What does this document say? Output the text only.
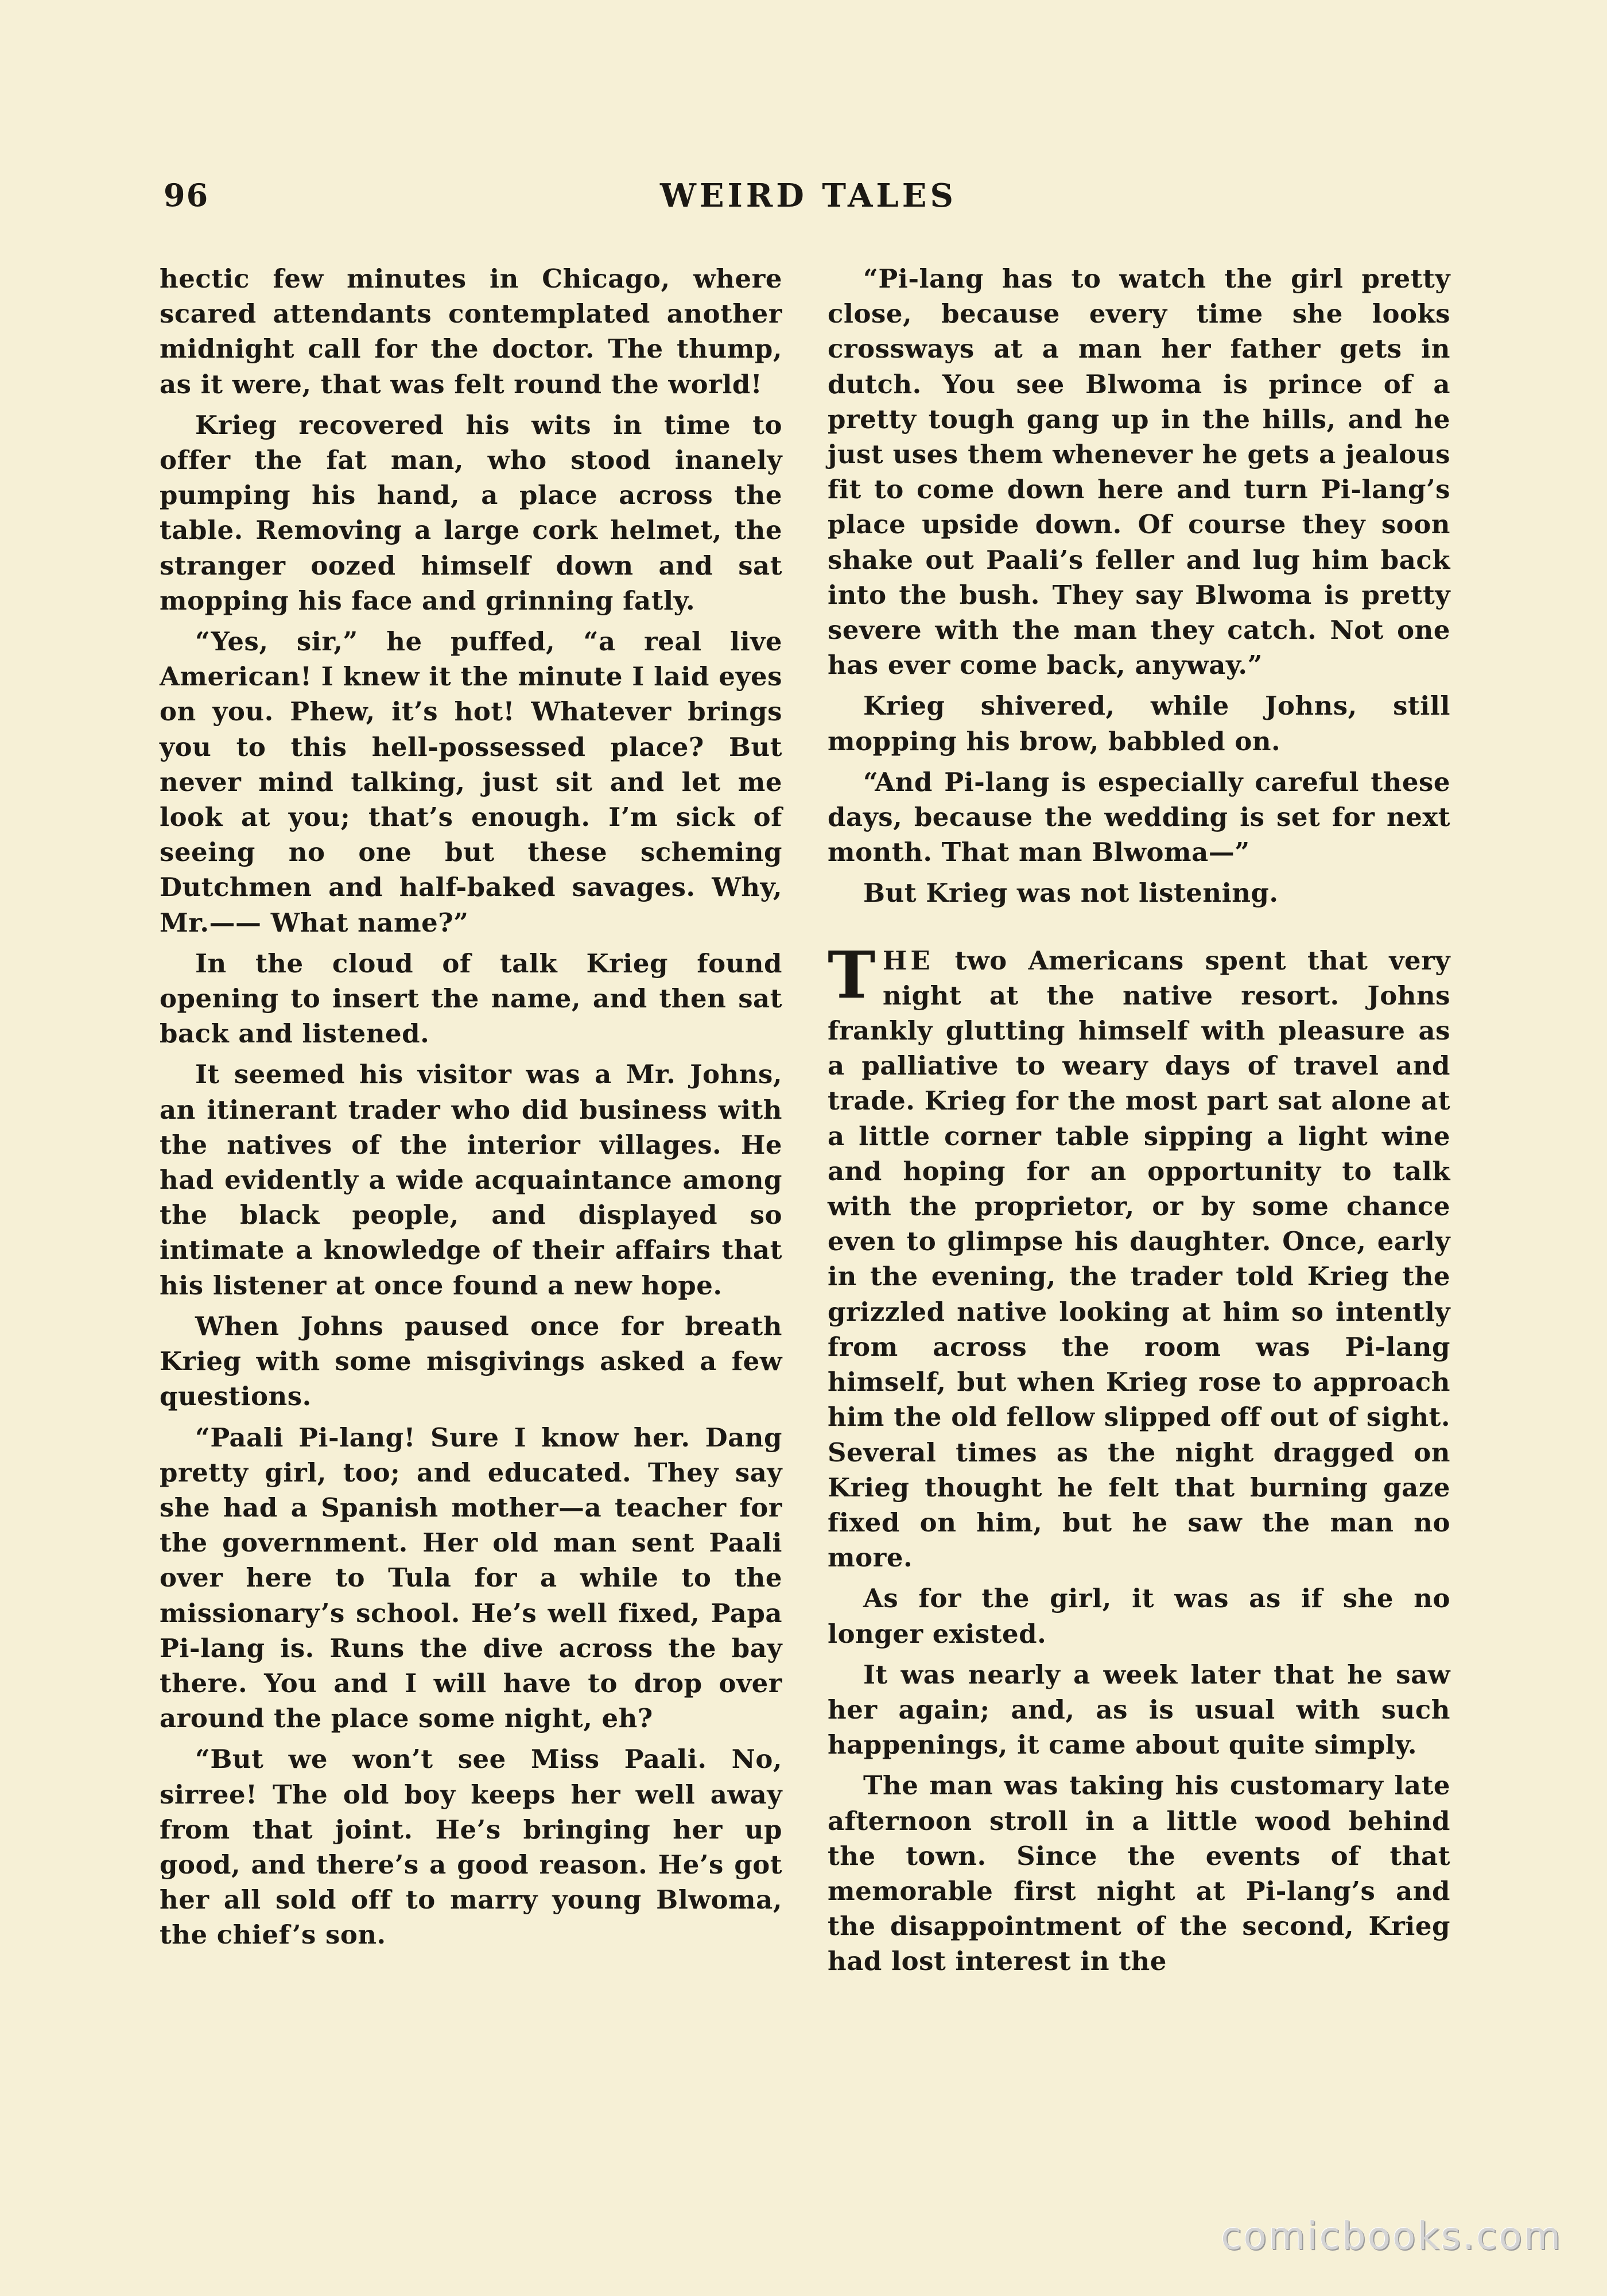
96	WEIRD TALES

hectic few minutes in Chicago, where scared attendants contemplated another midnight call for the doctor. The thump, as it were, that was felt round the world!

Krieg recovered his wits in time to offer the fat man, who stood inanely pumping his hand, a place across the table. Removing a large cork helmet, the stranger oozed himself down and sat mopping his face and grinning fatly.

“Yes, sir,” he puffed, “a real live American! I knew it the minute I laid eyes on you. Phew, it’s hot! Whatever brings you to this hell-possessed place? But never mind talking, just sit and let me look at you; that’s enough. I’m sick of seeing no one but these scheming Dutchmen and half-baked savages. Why, Mr.—— What name?”

In the cloud of talk Krieg found opening to insert the name, and then sat back and listened.

It seemed his visitor was a Mr. Johns, an itinerant trader who did business with the natives of the interior villages. He had evidently a wide acquaintance among the black people, and displayed so intimate a knowledge of their affairs that his listener at once found a new hope.

When Johns paused once for breath Krieg with some misgivings asked a few questions.

“Paali Pi-lang! Sure I know her. Dang pretty girl, too; and educated. They say she had a Spanish mother—a teacher for the government. Her old man sent Paali over here to Tula for a while to the missionary’s school. He’s well fixed, Papa Pi-lang is. Runs the dive across the bay there. You and I will have to drop over around the place some night, eh?

“But we won’t see Miss Paali. No, sirree! The old boy keeps her well away from that joint. He’s bringing her up good, and there’s a good reason. He’s got her all sold off to marry young Blwoma, the chief’s son.

“Pi-lang has to watch the girl pretty close, because every time she looks crossways at a man her father gets in dutch. You see Blwoma is prince of a pretty tough gang up in the hills, and he just uses them whenever he gets a jealous fit to come down here and turn Pi-lang’s place upside down. Of course they soon shake out Paali’s feller and lug him back into the bush. They say Blwoma is pretty severe with the man they catch. Not one has ever come back, anyway.”

Krieg shivered, while Johns, still mopping his brow, babbled on.

“And Pi-lang is especially careful these days, because the wedding is set for next month. That man Blwoma—”

But Krieg was not listening.

THE two Americans spent that very night at the native resort. Johns frankly glutting himself with pleasure as a palliative to weary days of travel and trade. Krieg for the most part sat alone at a little corner table sipping a light wine and hoping for an opportunity to talk with the proprietor, or by some chance even to glimpse his daughter. Once, early in the evening, the trader told Krieg the grizzled native looking at him so intently from across the room was Pi-lang himself, but when Krieg rose to approach him the old fellow slipped off out of sight. Several times as the night dragged on Krieg thought he felt that burning gaze fixed on him, but he saw the man no more.

As for the girl, it was as if she no longer existed.

It was nearly a week later that he saw her again; and, as is usual with such happenings, it came about quite simply.

The man was taking his customary late afternoon stroll in a little wood behind the town. Since the events of that memorable first night at Pi-lang’s and the disappointment of the second, Krieg had lost interest in the

comicbooks.com
